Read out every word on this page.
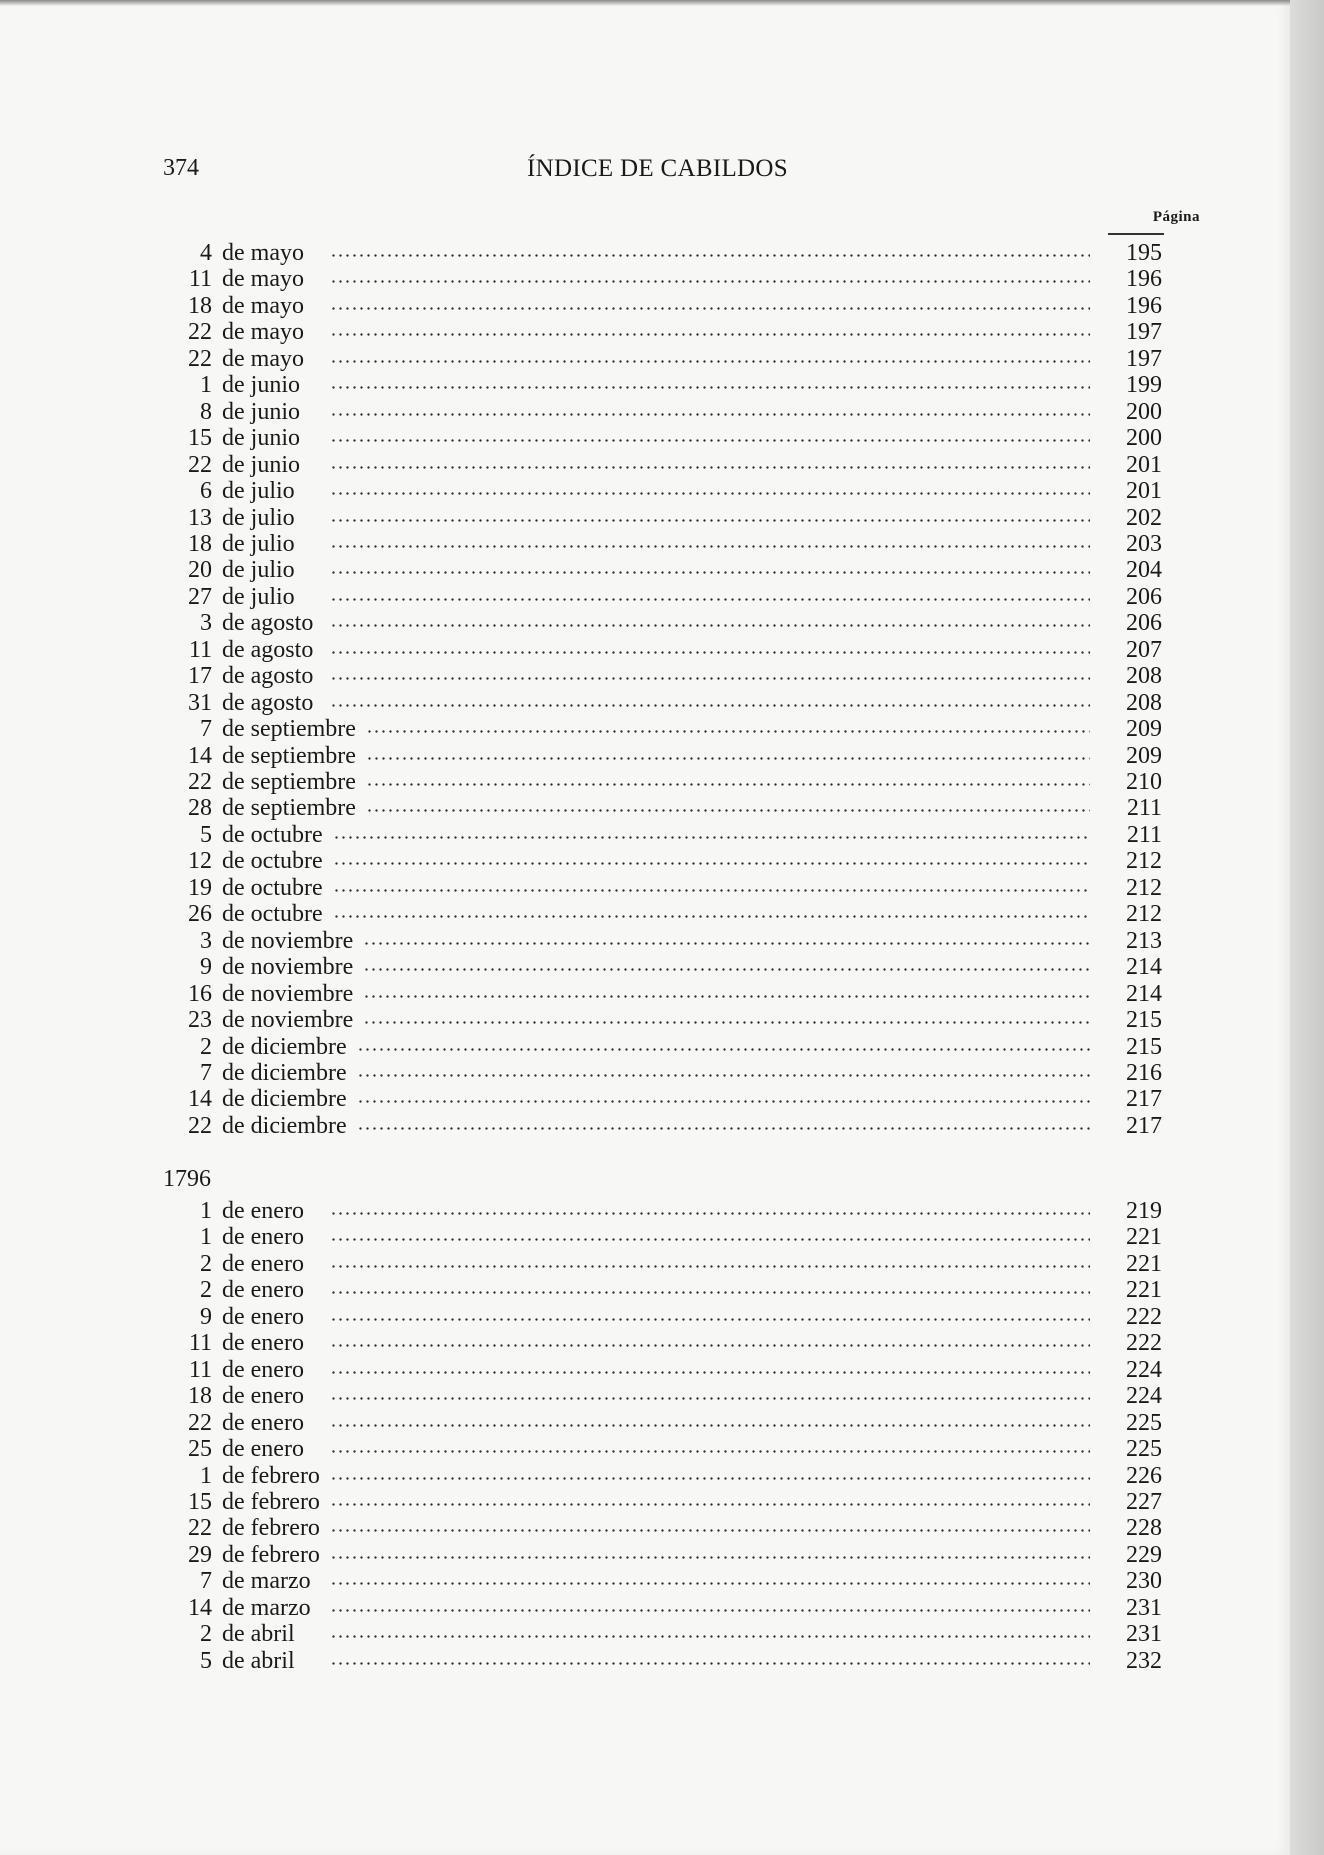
374	ÍNDICE DE CABILDOS
Página
4 de mayo	195
11 de mayo	196
18 de mayo	196
22 de mayo	197
22 de mayo	197
1 de junio	199
8 de junio	200
15 de junio	200
22 de junio	201
6 de julio	201
13 de julio	202
18 de julio	203
20 de julio	204
27 de julio	206
3 de agosto	206
11 de agosto	207
17 de agosto	208
31 de agosto	208
7 de septiembre	209
14 de septiembre	209
22 de septiembre	210
28 de septiembre	211
5 de octubre	211
12 de octubre	212
19 de octubre	212
26 de octubre	212
3 de noviembre	213
9 de noviembre	214
16 de noviembre	214
23 de noviembre	215
2 de diciembre	215
7 de diciembre	216
14 de diciembre	217
22 de diciembre	217
1796
1 de enero	219
1 de enero	221
2 de enero	221
2 de enero	221
9 de enero	222
11 de enero	222
11 de enero	224
18 de enero	224
22 de enero	225
25 de enero	225
1 de febrero	226
15 de febrero	227
22 de febrero	228
29 de febrero	229
7 de marzo	230
14 de marzo	231
2 de abril	231
5 de abril	232
